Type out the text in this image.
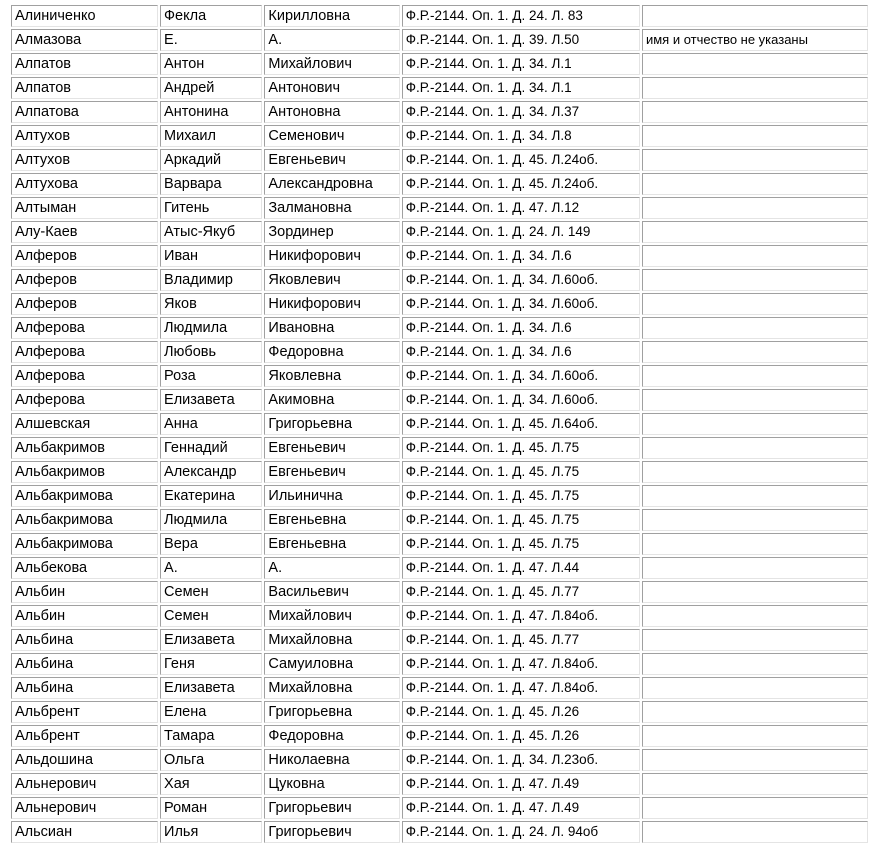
Алиниченко	Фекла	Кирилловна	Ф.Р.-2144. Оп. 1. Д. 24. Л. 83	
Алмазова	Е.	А.	Ф.Р.-2144. Оп. 1. Д. 39. Л.50	имя и отчество не указаны
Алпатов	Антон	Михайлович	Ф.Р.-2144. Оп. 1. Д. 34. Л.1	
Алпатов	Андрей	Антонович	Ф.Р.-2144. Оп. 1. Д. 34. Л.1	
Алпатова	Антонина	Антоновна	Ф.Р.-2144. Оп. 1. Д. 34. Л.37	
Алтухов	Михаил	Семенович	Ф.Р.-2144. Оп. 1. Д. 34. Л.8	
Алтухов	Аркадий	Евгеньевич	Ф.Р.-2144. Оп. 1. Д. 45. Л.24об.	
Алтухова	Варвара	Александровна	Ф.Р.-2144. Оп. 1. Д. 45. Л.24об.	
Алтыман	Гитень	Залмановна	Ф.Р.-2144. Оп. 1. Д. 47. Л.12	
Алу-Каев	Атыс-Якуб	Зординер	Ф.Р.-2144. Оп. 1. Д. 24. Л. 149	
Алферов	Иван	Никифорович	Ф.Р.-2144. Оп. 1. Д. 34. Л.6	
Алферов	Владимир	Яковлевич	Ф.Р.-2144. Оп. 1. Д. 34. Л.60об.	
Алферов	Яков	Никифорович	Ф.Р.-2144. Оп. 1. Д. 34. Л.60об.	
Алферова	Людмила	Ивановна	Ф.Р.-2144. Оп. 1. Д. 34. Л.6	
Алферова	Любовь	Федоровна	Ф.Р.-2144. Оп. 1. Д. 34. Л.6	
Алферова	Роза	Яковлевна	Ф.Р.-2144. Оп. 1. Д. 34. Л.60об.	
Алферова	Елизавета	Акимовна	Ф.Р.-2144. Оп. 1. Д. 34. Л.60об.	
Алшевская	Анна	Григорьевна	Ф.Р.-2144. Оп. 1. Д. 45. Л.64об.	
Альбакримов	Геннадий	Евгеньевич	Ф.Р.-2144. Оп. 1. Д. 45. Л.75	
Альбакримов	Александр	Евгеньевич	Ф.Р.-2144. Оп. 1. Д. 45. Л.75	
Альбакримова	Екатерина	Ильинична	Ф.Р.-2144. Оп. 1. Д. 45. Л.75	
Альбакримова	Людмила	Евгеньевна	Ф.Р.-2144. Оп. 1. Д. 45. Л.75	
Альбакримова	Вера	Евгеньевна	Ф.Р.-2144. Оп. 1. Д. 45. Л.75	
Альбекова	А.	А.	Ф.Р.-2144. Оп. 1. Д. 47. Л.44	
Альбин	Семен	Васильевич	Ф.Р.-2144. Оп. 1. Д. 45. Л.77	
Альбин	Семен	Михайлович	Ф.Р.-2144. Оп. 1. Д. 47. Л.84об.	
Альбина	Елизавета	Михайловна	Ф.Р.-2144. Оп. 1. Д. 45. Л.77	
Альбина	Геня	Самуиловна	Ф.Р.-2144. Оп. 1. Д. 47. Л.84об.	
Альбина	Елизавета	Михайловна	Ф.Р.-2144. Оп. 1. Д. 47. Л.84об.	
Альбрент	Елена	Григорьевна	Ф.Р.-2144. Оп. 1. Д. 45. Л.26	
Альбрент	Тамара	Федоровна	Ф.Р.-2144. Оп. 1. Д. 45. Л.26	
Альдошина	Ольга	Николаевна	Ф.Р.-2144. Оп. 1. Д. 34. Л.23об.	
Альнерович	Хая	Цуковна	Ф.Р.-2144. Оп. 1. Д. 47. Л.49	
Альнерович	Роман	Григорьевич	Ф.Р.-2144. Оп. 1. Д. 47. Л.49	
Альсиан	Илья	Григорьевич	Ф.Р.-2144. Оп. 1. Д. 24. Л. 94об	
